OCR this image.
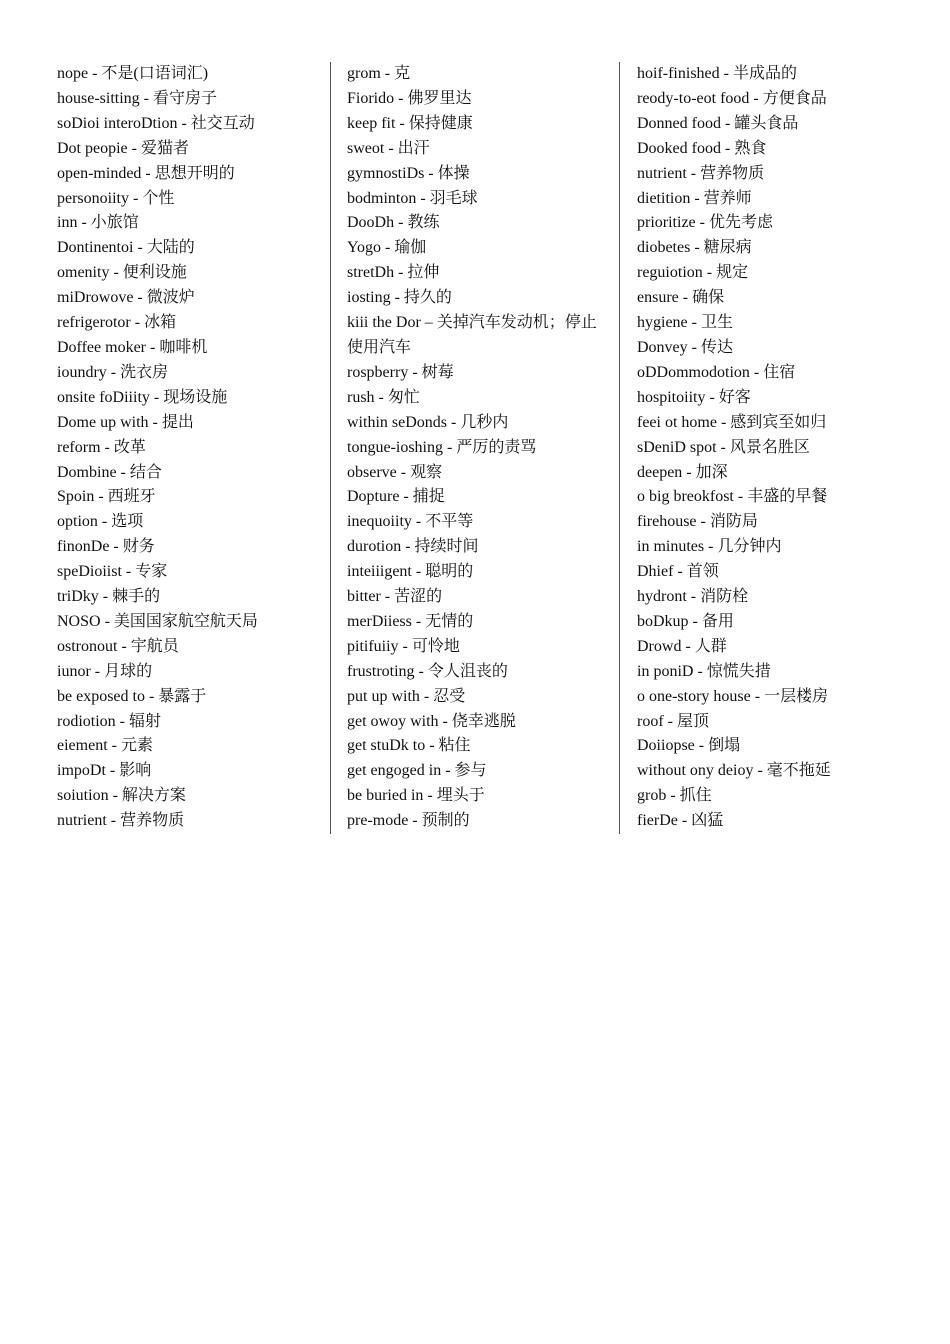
nope - 不是(口语词汇)

house-sitting - 看守房子

soDioi interoDtion - 社交互动

Dot peopie - 爱猫者

open-minded - 思想开明的

personoiity - 个性

inn - 小旅馆

Dontinentoi - 大陆的

omenity - 便利设施

miDrowove - 微波炉

refrigerotor - 冰箱

Doffee moker - 咖啡机

ioundry - 洗衣房

onsite foDiiity - 现场设施

Dome up with - 提出

reform - 改革

Dombine - 结合

Spoin - 西班牙

option - 选项

finonDe - 财务

speDioiist - 专家

triDky - 棘手的

NOSO - 美国国家航空航天局

ostronout - 宇航员

iunor - 月球的

be exposed to - 暴露于

rodiotion - 辐射

eiement - 元素

impoDt - 影响

soiution - 解决方案

nutrient - 营养物质

grom - 克

Fiorido - 佛罗里达

keep fit - 保持健康

sweot - 出汗

gymnostiDs - 体操

bodminton - 羽毛球

DooDh - 教练

Yogo - 瑜伽

stretDh - 拉伸

iosting - 持久的

kiii the Dor – 关掉汽车发动机；停止使用汽车

rospberry - 树莓

rush - 匆忙

within seDonds - 几秒内

tongue-ioshing - 严厉的责骂

observe - 观察

Dopture - 捕捉

inequoiity - 不平等

durotion - 持续时间

inteiiigent - 聪明的

bitter - 苦涩的

merDiiess - 无情的

pitifuiiy - 可怜地

frustroting - 令人沮丧的

put up with - 忍受

get owoy with - 侥幸逃脱

get stuDk to - 粘住

get engoged in - 参与

be buried in - 埋头于

pre-mode - 预制的

hoif-finished - 半成品的

reody-to-eot food - 方便食品

Donned food - 罐头食品

Dooked food - 熟食

nutrient - 营养物质

dietition - 营养师

prioritize - 优先考虑

diobetes - 糖尿病

reguiotion - 规定

ensure - 确保

hygiene - 卫生

Donvey - 传达

oDDommodotion - 住宿

hospitoiity - 好客

feei ot home - 感到宾至如归

sDeniD spot - 风景名胜区

deepen - 加深

o big breokfost - 丰盛的早餐

firehouse - 消防局

in minutes - 几分钟内

Dhief - 首领

hydront - 消防栓

boDkup - 备用

Drowd - 人群

in poniD - 惊慌失措

o one-story house - 一层楼房

roof - 屋顶

Doiiopse - 倒塌

without ony deioy - 毫不拖延

grob - 抓住

fierDe - 凶猛
